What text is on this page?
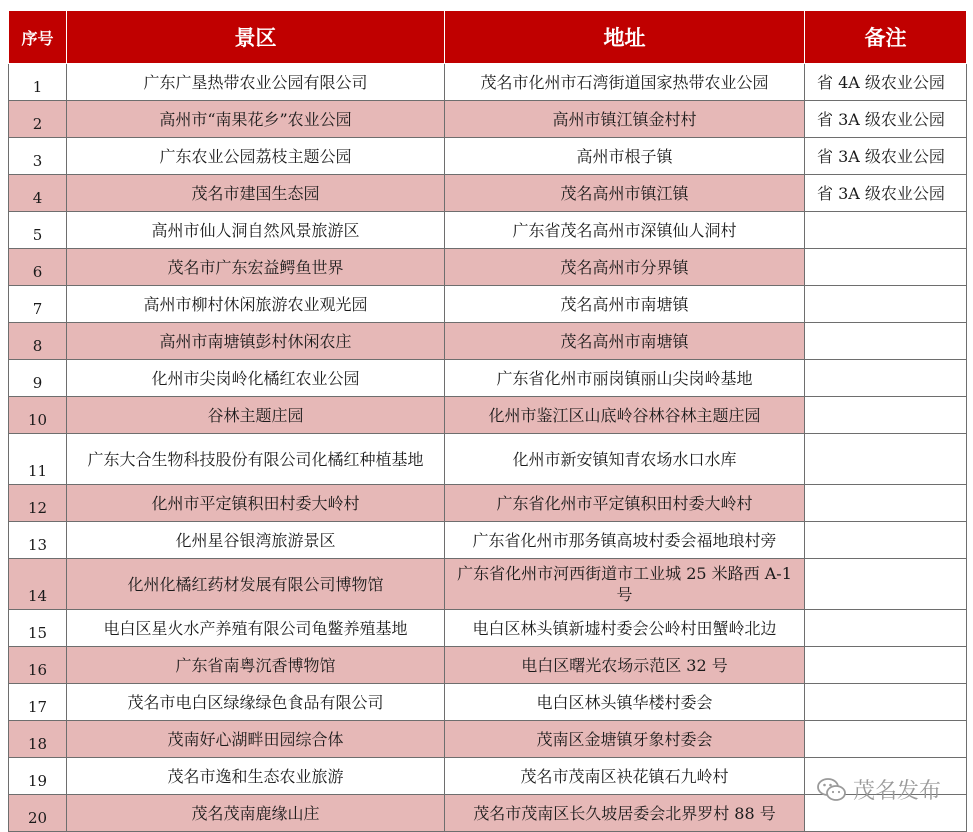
序号	景区	地址	备注
1	广东广垦热带农业公园有限公司	茂名市化州市石湾街道国家热带农业公园	省 4A 级农业公园
2	高州市“南果花乡”农业公园	高州市镇江镇金村村	省 3A 级农业公园
3	广东农业公园荔枝主题公园	高州市根子镇	省 3A 级农业公园
4	茂名市建国生态园	茂名高州市镇江镇	省 3A 级农业公园
5	高州市仙人洞自然风景旅游区	广东省茂名高州市深镇仙人洞村	
6	茂名市广东宏益鳄鱼世界	茂名高州市分界镇	
7	高州市柳村休闲旅游农业观光园	茂名高州市南塘镇	
8	高州市南塘镇彭村休闲农庄	茂名高州市南塘镇	
9	化州市尖岗岭化橘红农业公园	广东省化州市丽岗镇丽山尖岗岭基地	
10	谷林主题庄园	化州市鉴江区山底岭谷林谷林主题庄园	
11	广东大合生物科技股份有限公司化橘红种植基地	化州市新安镇知青农场水口水库	
12	化州市平定镇积田村委大岭村	广东省化州市平定镇积田村委大岭村	
13	化州星谷银湾旅游景区	广东省化州市那务镇高坡村委会福地琅村旁	
14	化州化橘红药材发展有限公司博物馆	广东省化州市河西街道市工业城 25 米路西 A-1 号	
15	电白区星火水产养殖有限公司龟鳖养殖基地	电白区林头镇新墟村委会公岭村田蟹岭北边	
16	广东省南粤沉香博物馆	电白区曙光农场示范区 32 号	
17	茂名市电白区绿缘绿色食品有限公司	电白区林头镇华楼村委会	
18	茂南好心湖畔田园综合体	茂南区金塘镇牙象村委会	
19	茂名市逸和生态农业旅游	茂名市茂南区袂花镇石九岭村	
20	茂名茂南鹿缘山庄	茂名市茂南区长久坡居委会北界罗村 88 号	
茂名发布
